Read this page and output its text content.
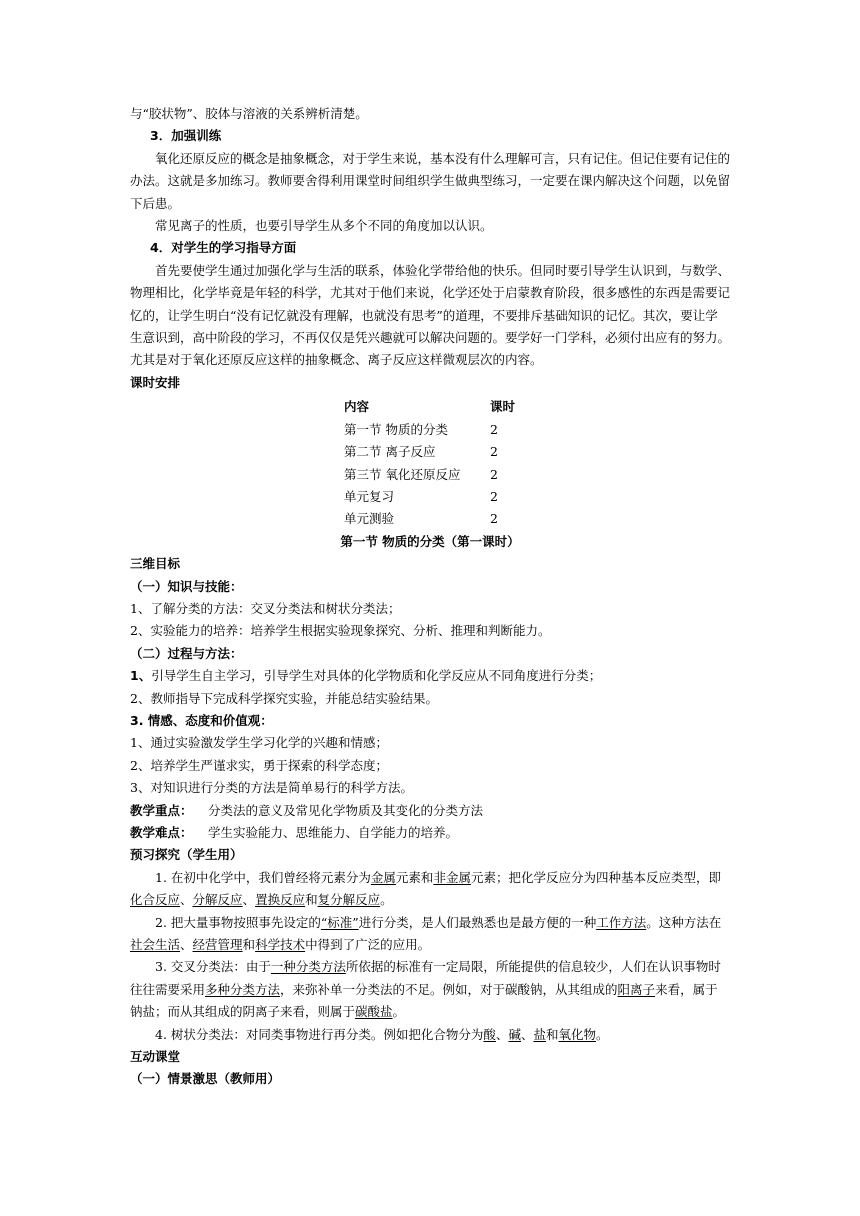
与“胶状物”、胶体与溶液的关系辨析清楚。

3．加强训练

氧化还原反应的概念是抽象概念，对于学生来说，基本没有什么理解可言，只有记住。但记住要有记住的办法。这就是多加练习。教师要舍得利用课堂时间组织学生做典型练习，一定要在课内解决这个问题，以免留下后患。

常见离子的性质，也要引导学生从多个不同的角度加以认识。

4．对学生的学习指导方面

首先要使学生通过加强化学与生活的联系，体验化学带给他的快乐。但同时要引导学生认识到，与数学、物理相比，化学毕竟是年轻的科学，尤其对于他们来说，化学还处于启蒙教育阶段，很多感性的东西是需要记忆的，让学生明白“没有记忆就没有理解，也就没有思考”的道理，不要排斥基础知识的记忆。其次，要让学生意识到，高中阶段的学习，不再仅仅是凭兴趣就可以解决问题的。要学好一门学科，必须付出应有的努力。尤其是对于氧化还原反应这样的抽象概念、离子反应这样微观层次的内容。

课时安排

内容	课时
第一节 物质的分类	2
第二节 离子反应	2
第三节 氧化还原反应	2
单元复习	2
单元测验	2

第一节 物质的分类（第一课时）

三维目标

（一）知识与技能：

1、了解分类的方法：交叉分类法和树状分类法；

2、实验能力的培养：培养学生根据实验现象探究、分析、推理和判断能力。

（二）过程与方法：

1、引导学生自主学习，引导学生对具体的化学物质和化学反应从不同角度进行分类；

2、教师指导下完成科学探究实验，并能总结实验结果。

3. 情感、态度和价值观：

1、通过实验激发学生学习化学的兴趣和情感；

2、培养学生严谨求实，勇于探索的科学态度；

3、对知识进行分类的方法是简单易行的科学方法。

教学重点： 分类法的意义及常见化学物质及其变化的分类方法

教学难点： 学生实验能力、思维能力、自学能力的培养。

预习探究（学生用）

1. 在初中化学中，我们曾经将元素分为金属元素和非金属元素；把化学反应分为四种基本反应类型，即化合反应、分解反应、置换反应和复分解反应。

2. 把大量事物按照事先设定的“标准”进行分类，是人们最熟悉也是最方便的一种工作方法。这种方法在社会生活、经营管理和科学技术中得到了广泛的应用。

3. 交叉分类法：由于一种分类方法所依据的标准有一定局限，所能提供的信息较少，人们在认识事物时往往需要采用多种分类方法，来弥补单一分类法的不足。例如，对于碳酸钠，从其组成的阳离子来看，属于钠盐；而从其组成的阴离子来看，则属于碳酸盐。

4. 树状分类法：对同类事物进行再分类。例如把化合物分为酸、碱、盐和氧化物。

互动课堂

（一）情景激思（教师用）
